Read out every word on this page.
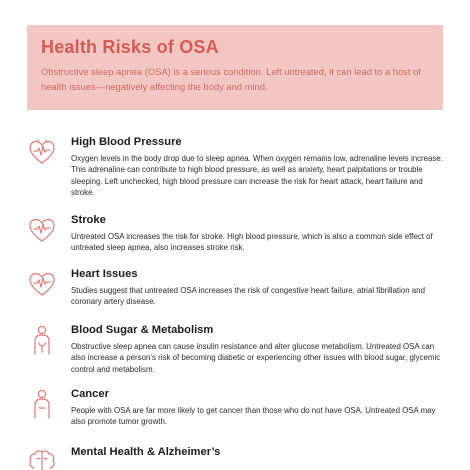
Health Risks of OSA

Obstructive sleep apnea (OSA) is a serious condition. Left untreated, it can lead to a host of health issues—negatively affecting the body and mind.

High Blood Pressure

Oxygen levels in the body drop due to sleep apnea. When oxygen remains low, adrenaline levels increase. This adrenaline can contribute to high blood pressure, as well as anxiety, heart palpitations or trouble sleeping. Left unchecked, high blood pressure can increase the risk for heart attack, heart failure and stroke.

Stroke

Untreated OSA increases the risk for stroke. High blood pressure, which is also a common side effect of untreated sleep apnea, also increases stroke risk.

Heart Issues

Studies suggest that untreated OSA increases the risk of congestive heart failure, atrial fibrillation and coronary artery disease.

Blood Sugar & Metabolism

Obstructive sleep apnea can cause insulin resistance and alter glucose metabolism. Untreated OSA can also increase a person’s risk of becoming diabetic or experiencing other issues with blood sugar, glycemic control and metabolism.

Cancer

People with OSA are far more likely to get cancer than those who do not have OSA. Untreated OSA may also promote tumor growth.

Mental Health & Alzheimer’s
